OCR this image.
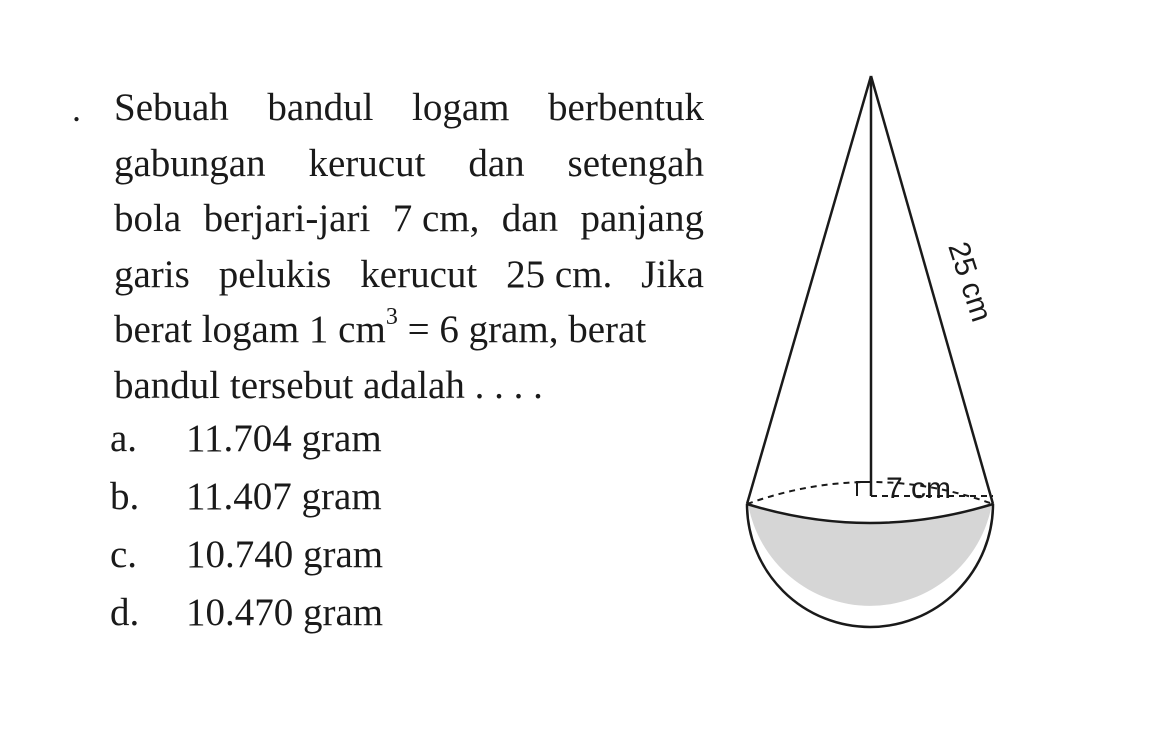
. Sebuah bandul logam berbentuk
gabungan kerucut dan setengah
bola berjari-jari 7 cm, dan panjang
garis pelukis kerucut 25 cm. Jika
berat logam 1 $cm^3 = 6$ gram, berat
bandul tersebut adalah . . . .
a. 11.704 gram
b. 11.407 gram
c. 10.740 gram
d. 10.470 gram
25 cm
7 cm
